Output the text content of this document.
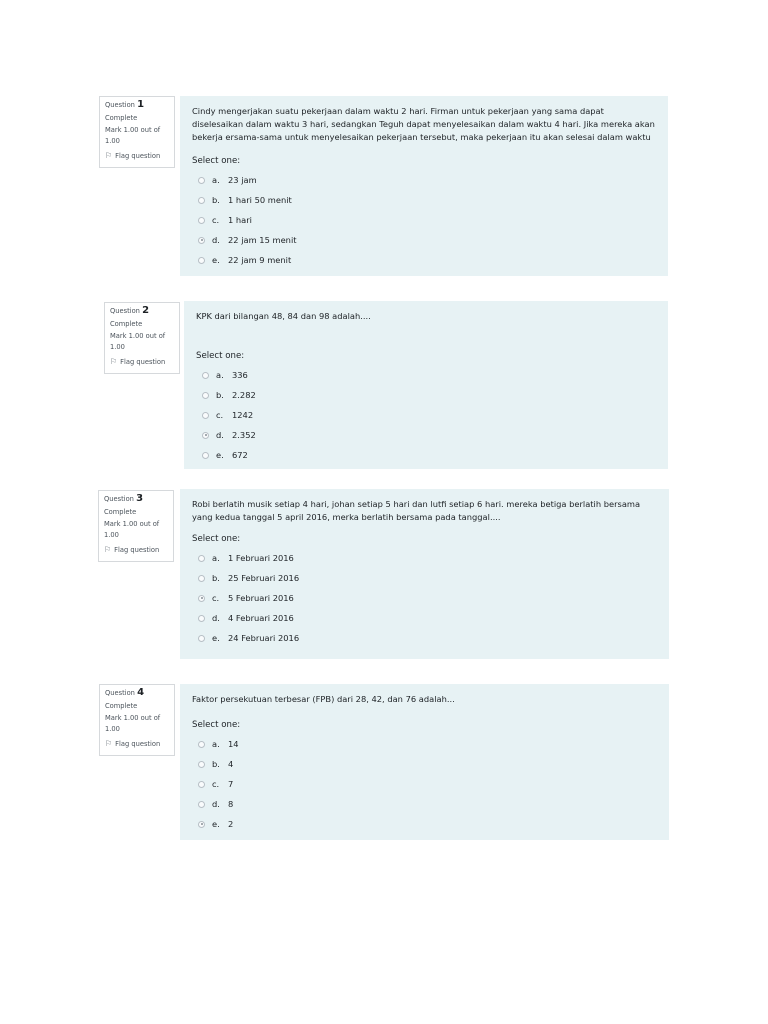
Question 1
Complete
Mark 1.00 out of 1.00
⚐ Flag question

Cindy mengerjakan suatu pekerjaan dalam waktu 2 hari. Firman untuk pekerjaan yang sama dapat diselesaikan dalam waktu 3 hari, sedangkan Teguh dapat menyelesaikan dalam waktu 4 hari. Jika mereka akan bekerja ersama-sama untuk menyelesaikan pekerjaan tersebut, maka pekerjaan itu akan selesai dalam waktu

Select one:
a. 23 jam
b. 1 hari 50 menit
c.	1 hari
d. 22 jam 15 menit
e. 22 jam 9 menit
Question 2
Complete
Mark 1.00 out of 1.00
⚐ Flag question

KPK dari bilangan 48, 84 dan 98 adalah....

Select one:
a. 336
b. 2.282
c.	1242
d. 2.352
e. 672
Question 3
Complete
Mark 1.00 out of 1.00
⚐ Flag question

Robi berlatih musik setiap 4 hari, johan setiap 5 hari dan lutfi setiap 6 hari. mereka betiga berlatih bersama yang kedua tanggal 5 april 2016, merka berlatih bersama pada tanggal....

Select one:
a. 1 Februari 2016
b. 25 Februari 2016
c.	5 Februari 2016
d. 4 Februari 2016
e. 24 Februari 2016
Question 4
Complete
Mark 1.00 out of 1.00
⚐ Flag question

Faktor persekutuan terbesar (FPB) dari 28, 42, dan 76 adalah...

Select one:
a. 14
b. 4
c.	7
d. 8
e. 2
